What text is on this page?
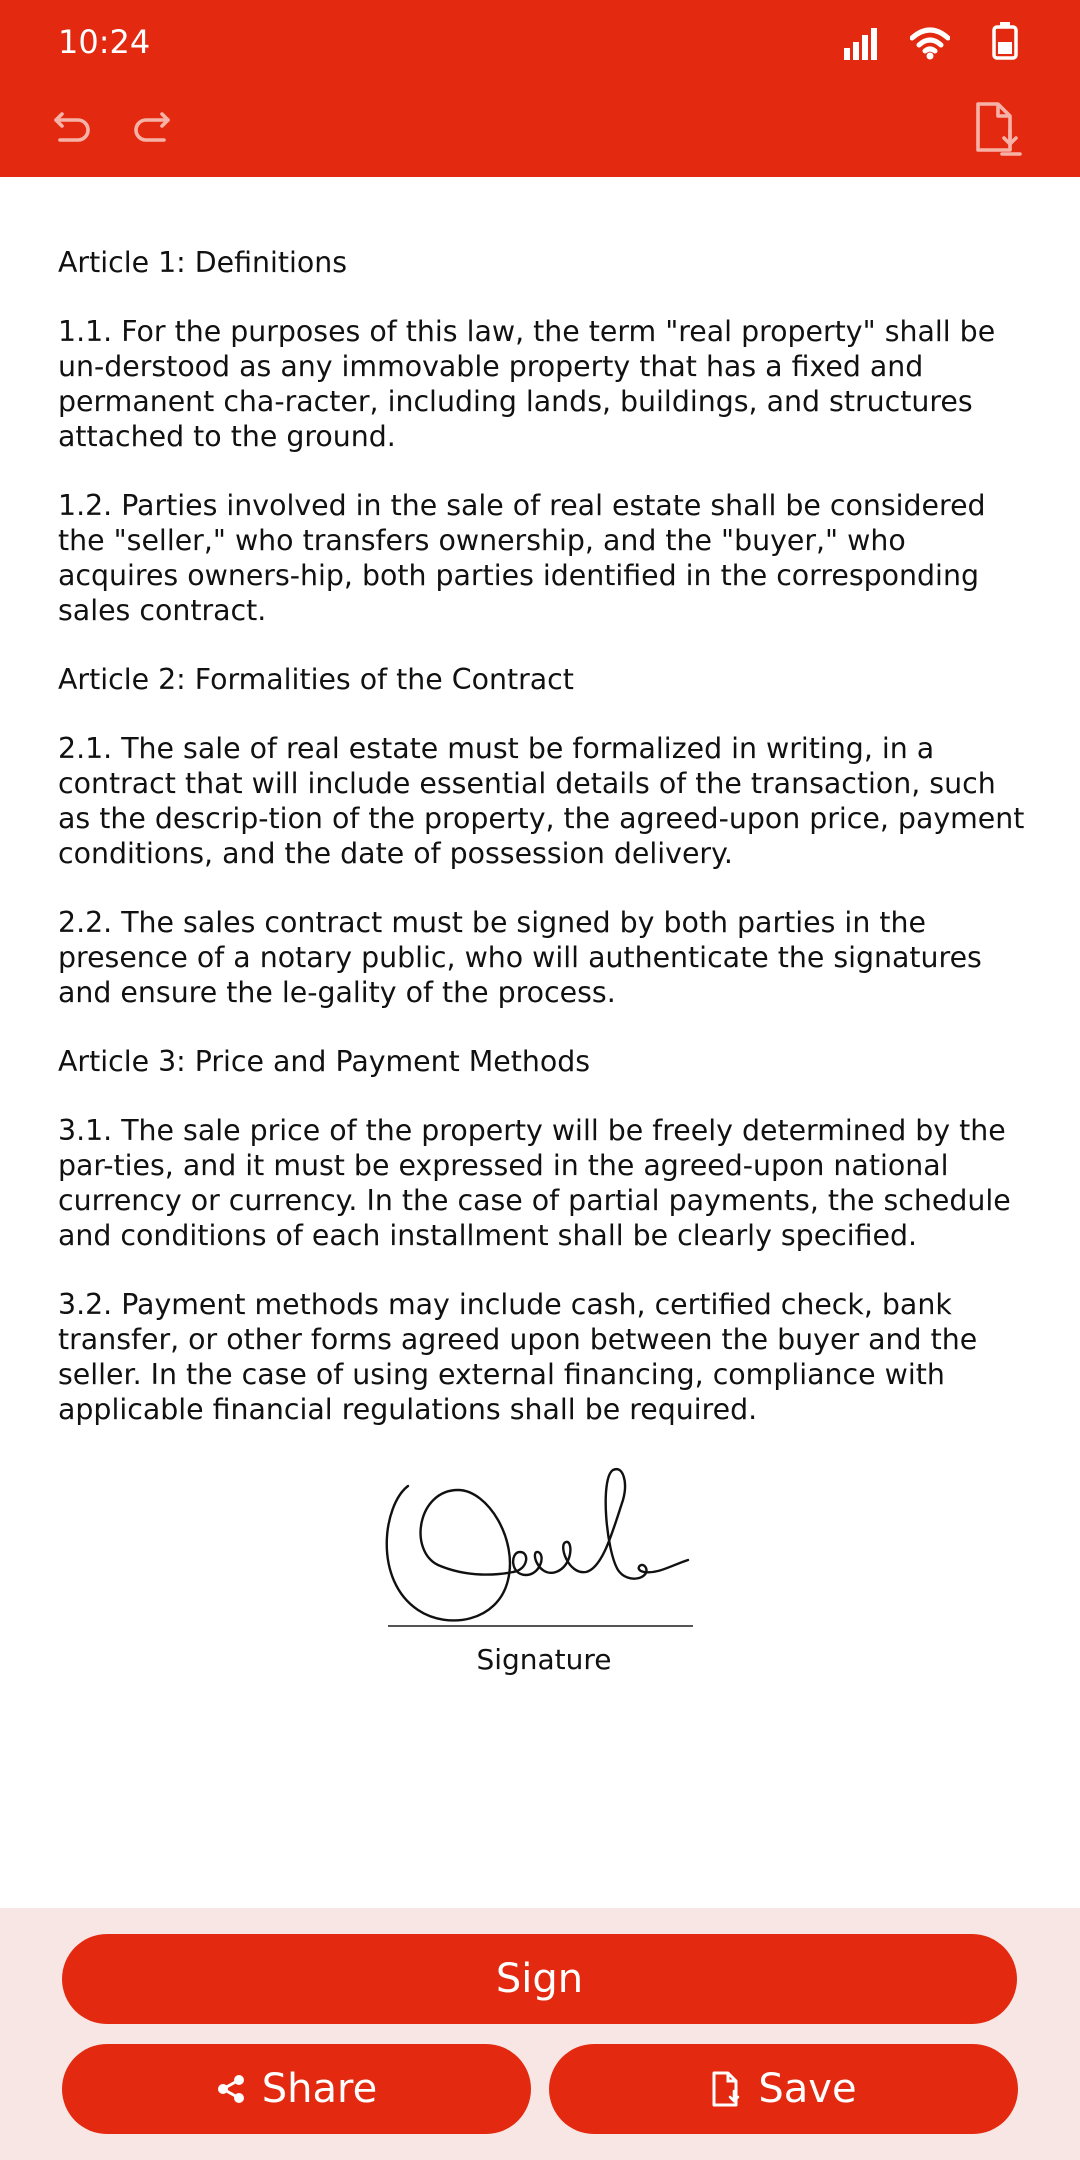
10:24

Article 1: Definitions

1.1. For the purposes of this law, the term "real property" shall be un-derstood as any immovable property that has a fixed and permanent cha-racter, including lands, buildings, and structures attached to the ground.

1.2. Parties involved in the sale of real estate shall be considered the "seller," who transfers ownership, and the "buyer," who acquires owners-hip, both parties identified in the corresponding sales contract.

Article 2: Formalities of the Contract

2.1. The sale of real estate must be formalized in writing, in a contract that will include essential details of the transaction, such as the descrip-tion of the property, the agreed-upon price, payment conditions, and the date of possession delivery.

2.2. The sales contract must be signed by both parties in the presence of a notary public, who will authenticate the signatures and ensure the le-gality of the process.

Article 3: Price and Payment Methods

3.1. The sale price of the property will be freely determined by the par-ties, and it must be expressed in the agreed-upon national currency or currency. In the case of partial payments, the schedule and conditions of each installment shall be clearly specified.

3.2. Payment methods may include cash, certified check, bank transfer, or other forms agreed upon between the buyer and the seller. In the case of using external financing, compliance with applicable financial regulations shall be required.

Signature
Sign
Share	Save
